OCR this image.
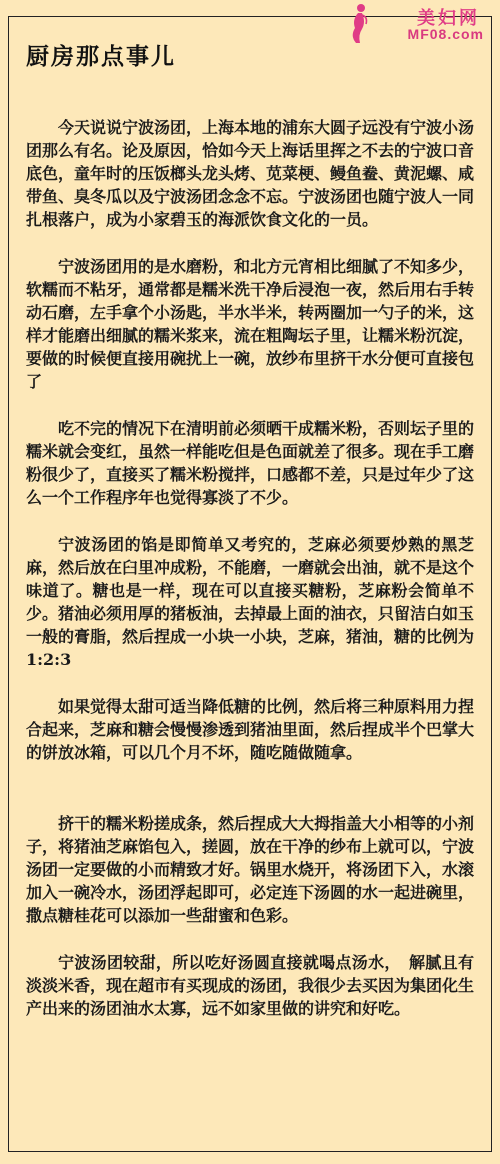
美妇网
MF08.com
厨房那点事儿

今天说说宁波汤团，上海本地的浦东大圆子远没有宁波小汤团那么有名。论及原因，恰如今天上海话里挥之不去的宁波口音底色，童年时的压饭榔头龙头烤、苋菜梗、鳗鱼鲞、黄泥螺、咸带鱼、臭冬瓜以及宁波汤团念念不忘。宁波汤团也随宁波人一同扎根落户，成为小家碧玉的海派饮食文化的一员。

宁波汤团用的是水磨粉，和北方元宵相比细腻了不知多少，软糯而不粘牙，通常都是糯米洗干净后浸泡一夜，然后用右手转动石磨，左手拿个小汤匙，半水半米，转两圈加一勺子的米，这样才能磨出细腻的糯米浆来，流在粗陶坛子里，让糯米粉沉淀，要做的时候便直接用碗扰上一碗，放纱布里挤干水分便可直接包了

吃不完的情况下在清明前必须晒干成糯米粉，否则坛子里的糯米就会变红，虽然一样能吃但是色面就差了很多。现在手工磨粉很少了，直接买了糯米粉搅拌，口感都不差，只是过年少了这么一个工作程序年也觉得寡淡了不少。

宁波汤团的馅是即简单又考究的，芝麻必须要炒熟的黑芝麻，然后放在臼里冲成粉，不能磨，一磨就会出油，就不是这个味道了。糖也是一样，现在可以直接买糖粉，芝麻粉会简单不少。猪油必须用厚的猪板油，去掉最上面的油衣，只留洁白如玉一般的膏脂，然后捏成一小块一小块，芝麻，猪油，糖的比例为1:2:3

如果觉得太甜可适当降低糖的比例，然后将三种原料用力捏合起来，芝麻和糖会慢慢渗透到猪油里面，然后捏成半个巴掌大的饼放冰箱，可以几个月不坏，随吃随做随拿。

挤干的糯米粉搓成条，然后捏成大大拇指盖大小相等的小剂子，将猪油芝麻馅包入，搓圆，放在干净的纱布上就可以，宁波汤团一定要做的小而精致才好。锅里水烧开，将汤团下入，水滚加入一碗冷水，汤团浮起即可，必定连下汤圆的水一起进碗里，撒点糖桂花可以添加一些甜蜜和色彩。

宁波汤团较甜，所以吃好汤圆直接就喝点汤水，　解腻且有淡淡米香，现在超市有买现成的汤团，我很少去买因为集团化生产出来的汤团油水太寡，远不如家里做的讲究和好吃。
